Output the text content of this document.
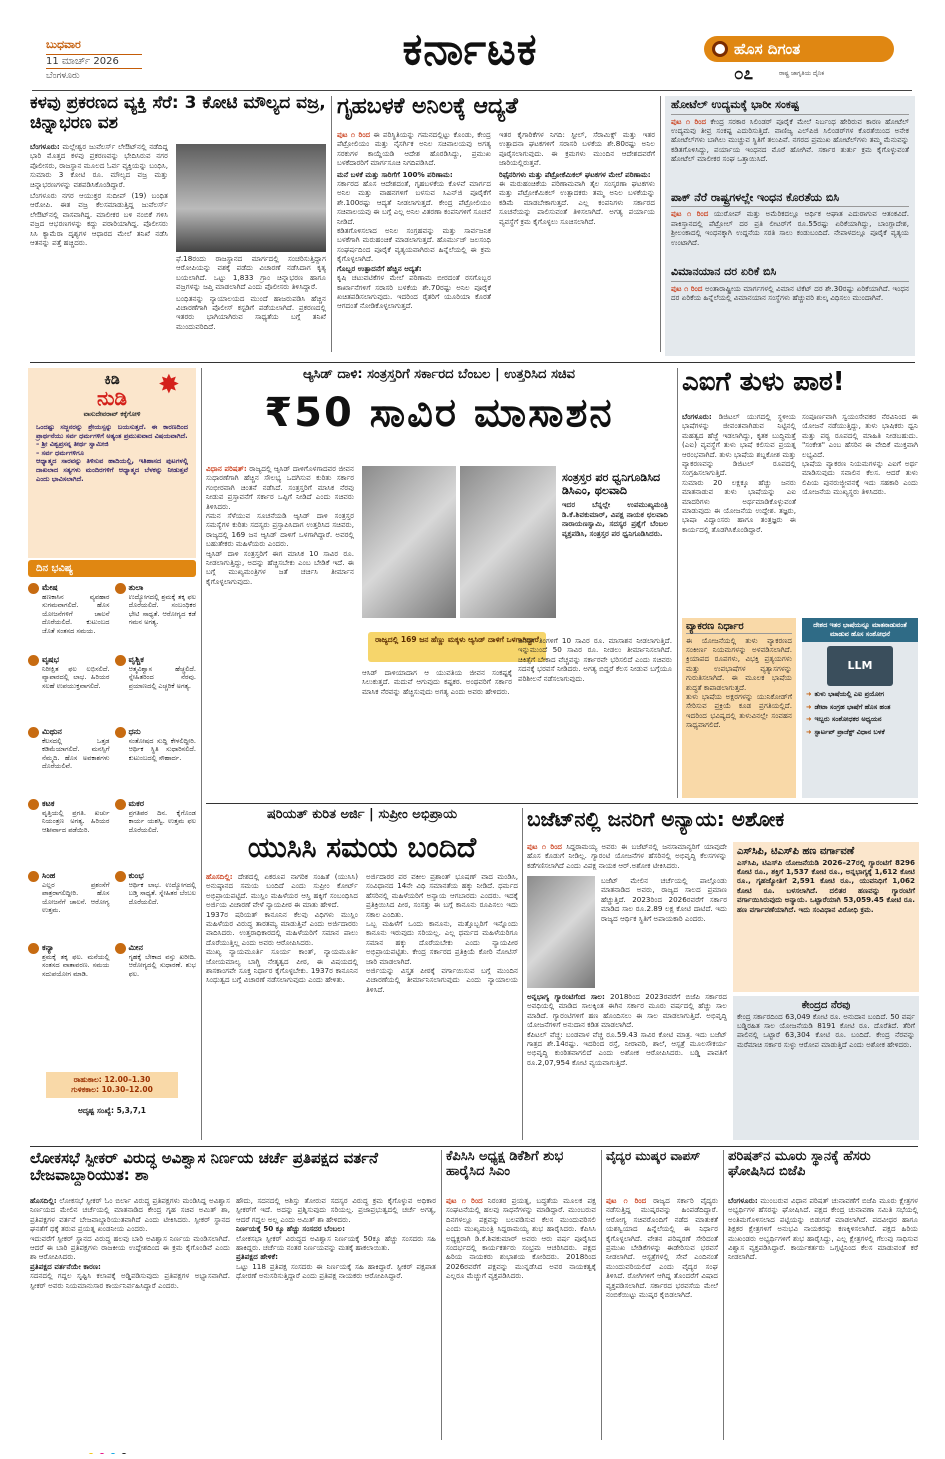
ಬುಧವಾರ
11 ಮಾರ್ಚ್ 2026
ಬೆಂಗಳೂರು
ಕರ್ನಾಟಕ	ಹೊಸ ದಿಗಂತ
೦೭	ರಾಷ್ಟ್ರ ಜಾಗೃತಿಯ ದೈನಿಕ
ಕಳವು ಪ್ರಕರಣದ ವ್ಯಕ್ತಿ ಸೆರೆ: 3 ಕೋಟಿ ಮೌಲ್ಯದ ವಜ್ರ, ಚಿನ್ನಾಭರಣ ವಶ
ಬೆಂಗಳೂರು: ಮಲ್ಲೇಶ್ವರ ಜುವೆಲರ್ಸ್ ಲೇಔಟ್‌ನಲ್ಲಿ ನಡೆದಿದ್ದ ಭಾರಿ ಮೊತ್ತದ ಕಳವು ಪ್ರಕರಣವನ್ನು ಭೇದಿಸಿರುವ ನಗರ ಪೊಲೀಸರು, ರಾಜಸ್ಥಾನ ಮೂಲದ ಓರ್ವ ವ್ಯಕ್ತಿಯನ್ನು ಬಂಧಿಸಿ, ಸುಮಾರು 3 ಕೋಟಿ ರೂ. ಮೌಲ್ಯದ ವಜ್ರ ಮತ್ತು ಚಿನ್ನಾಭರಣಗಳನ್ನು ವಶಪಡಿಸಿಕೊಂಡಿದ್ದಾರೆ.
ಬೆಂಗಳೂರು ನಗರ ಆಯುಕ್ತರ ಸುದೀಪ್ (19) ಬಂಧಿತ ಆರೋಪಿ. ಈತ ವಜ್ರ ಕೆಲಸಮಾಡುತ್ತಿದ್ದ ಜುವೆಲರ್ಸ್ ಲೇಔಟ್‌ನಲ್ಲಿ ವಾಸವಾಗಿದ್ದ. ಮಾಲೀಕರ ಬಳಿ ನಂಬಿಕೆ ಗಳಿಸಿ ವಜ್ರದ ಆಭರಣಗಳನ್ನು ಕದ್ದು ಪರಾರಿಯಾಗಿದ್ದ. ಪೊಲೀಸರು ಸಿಸಿ ಕ್ಯಾಮೆರಾ ದೃಶ್ಯಗಳ ಆಧಾರದ ಮೇಲೆ ತನಿಖೆ ನಡೆಸಿ ಆತನನ್ನು ಪತ್ತೆ ಹಚ್ಚಿದರು.
ಫೆ.18ರಂದು ರಾಜಸ್ಥಾನದ ಮಾರ್ಗದಲ್ಲಿ ಸಂಚರಿಸುತ್ತಿದ್ದಾಗ ಆರೋಪಿಯನ್ನು ವಶಕ್ಕೆ ಪಡೆದು ವಿಚಾರಣೆ ನಡೆಸಿದಾಗ ಕೃತ್ಯ ಬಯಲಾಗಿದೆ. ಒಟ್ಟು 1,833 ಗ್ರಾಂ ಚಿನ್ನಾಭರಣ ಹಾಗೂ ವಜ್ರಗಳನ್ನು ಜಪ್ತಿ ಮಾಡಲಾಗಿದೆ ಎಂದು ಪೊಲೀಸರು ತಿಳಿಸಿದ್ದಾರೆ.
ಬಂಧಿತನನ್ನು ನ್ಯಾಯಾಲಯದ ಮುಂದೆ ಹಾಜರುಪಡಿಸಿ ಹೆಚ್ಚಿನ ವಿಚಾರಣೆಗಾಗಿ ಪೊಲೀಸ್ ಕಸ್ಟಡಿಗೆ ಪಡೆಯಲಾಗಿದೆ. ಪ್ರಕರಣದಲ್ಲಿ ಇತರರು ಭಾಗಿಯಾಗಿರುವ ಸಾಧ್ಯತೆಯ ಬಗ್ಗೆ ತನಿಖೆ ಮುಂದುವರಿದಿದೆ.
ಗೃಹಬಳಕೆ ಅನಿಲಕ್ಕೆ ಆದ್ಯತೆ
ಪುಟ ೧ ರಿಂದ ಈ ಪರಿಸ್ಥಿತಿಯನ್ನು ಗಮನದಲ್ಲಿಟ್ಟು ಕೊಂಡು, ಕೇಂದ್ರ ಪೆಟ್ರೋಲಿಯಂ ಮತ್ತು ನೈಸರ್ಗಿಕ ಅನಿಲ ಸಚಿವಾಲಯವು ಅಗತ್ಯ ಸರಕುಗಳ ಕಾಯ್ದೆಯಡಿ ಆದೇಶ ಹೊರಡಿಸಿದ್ದು, ಪ್ರಮುಖ ಬಳಕೆದಾರರಿಗೆ ಮಾರ್ಗಸೂಚಿ ನಿಗದಿಪಡಿಸಿದೆ.
ಮನೆ ಬಳಕೆ ಮತ್ತು ಸಾರಿಗೆಗೆ 100% ಪರಿಣಾಮ:
ಸರ್ಕಾರದ ಹೊಸ ಆದೇಶದಂತೆ, ಗೃಹಬಳಕೆಯ ಕೊಳವೆ ಮಾರ್ಗದ ಅನಿಲ ಮತ್ತು ವಾಹನಗಳಿಗೆ ಬಳಸುವ ಸಿಎನ್‌ಜಿ ಪೂರೈಕೆಗೆ ಶೇ.100ರಷ್ಟು ಆದ್ಯತೆ ನೀಡಲಾಗುತ್ತದೆ. ಕೇಂದ್ರ ಪೆಟ್ರೋಲಿಯಂ ಸಚಿವಾಲಯವು ಈ ಬಗ್ಗೆ ಎಲ್ಲ ಅನಿಲ ವಿತರಣಾ ಕಂಪನಿಗಳಿಗೆ ಸೂಚನೆ ನೀಡಿದೆ.
ಕಡಿತಗೊಳಿಸಲಾದ ಅನಿಲ ಸಂಗ್ರಹವನ್ನು ಮತ್ತು ಸಾರ್ವಜನಿಕ ಬಳಕೆಗಾಗಿ ಮರುಹಂಚಿಕೆ ಮಾಡಲಾಗುತ್ತದೆ. ಹೊರ್ಮುಜ್ ಜಲಸಂಧಿ ಸಂಘರ್ಷದಿಂದ ಪೂರೈಕೆ ವ್ಯತ್ಯಯವಾಗಿರುವ ಹಿನ್ನೆಲೆಯಲ್ಲಿ ಈ ಕ್ರಮ ಕೈಗೊಳ್ಳಲಾಗಿದೆ.
ಗೊಬ್ಬರ ಉತ್ಪಾದನೆಗೆ ಹೆಚ್ಚಿನ ಆದ್ಯತೆ:
ಕೃಷಿ ಚಟುವಟಿಕೆಗಳ ಮೇಲೆ ಪರಿಣಾಮ ಬೀರದಂತೆ ರಸಗೊಬ್ಬರ ಕಾರ್ಖಾನೆಗಳಿಗೆ ಸರಾಸರಿ ಬಳಕೆಯ ಶೇ.70ರಷ್ಟು ಅನಿಲ ಪೂರೈಕೆ ಖಚಿತಪಡಿಸಲಾಗುವುದು. ಇದರಿಂದ ರೈತರಿಗೆ ಯೂರಿಯಾ ಕೊರತೆ ಆಗದಂತೆ ನೋಡಿಕೊಳ್ಳಲಾಗುತ್ತದೆ.
ಇತರ ಕೈಗಾರಿಕೆಗಳ ನಿಗದಿ: ಸ್ಟೀಲ್, ಸೆರಾಮಿಕ್ಸ್ ಮತ್ತು ಇತರ ಉತ್ಪಾದನಾ ಘಟಕಗಳಿಗೆ ಸರಾಸರಿ ಬಳಕೆಯ ಶೇ.80ರಷ್ಟು ಅನಿಲ ಪೂರೈಸಲಾಗುವುದು. ಈ ಕ್ರಮಗಳು ಮುಂದಿನ ಆದೇಶದವರೆಗೆ ಜಾರಿಯಲ್ಲಿರುತ್ತವೆ.
ರಿಫೈನರಿಗಳು ಮತ್ತು ಪೆಟ್ರೋಕೆಮಿಕಲ್ ಘಟಕಗಳ ಮೇಲೆ ಪರಿಣಾಮ:
ಈ ಮರುಹಂಚಿಕೆಯ ಪರಿಣಾಮವಾಗಿ ತೈಲ ಸಂಸ್ಕರಣಾ ಘಟಕಗಳು ಮತ್ತು ಪೆಟ್ರೋಕೆಮಿಕಲ್ ಉತ್ಪಾದಕರು ತಮ್ಮ ಅನಿಲ ಬಳಕೆಯನ್ನು ಕಡಿಮೆ ಮಾಡಬೇಕಾಗುತ್ತದೆ. ಎಲ್ಲ ಕಂಪನಿಗಳು ಸರ್ಕಾರದ ಸೂಚನೆಯನ್ನು ಪಾಲಿಸುವಂತೆ ತಿಳಿಸಲಾಗಿದೆ. ಅಗತ್ಯ ಪರ್ಯಾಯ ವ್ಯವಸ್ಥೆಗೆ ಕ್ರಮ ಕೈಗೊಳ್ಳಲು ಸೂಚಿಸಲಾಗಿದೆ.
ಹೋಟೆಲ್ ಉದ್ಯಮಕ್ಕೆ ಭಾರೀ ಸಂಕಷ್ಟ
ಪುಟ ೧ ರಿಂದ ಕೇಂದ್ರ ಸರಕಾರ ಸಿಲಿಂಡರ್ ಪೂರೈಕೆ ಮೇಲೆ ನಿರ್ಬಂಧ ಹೇರಿರುವ ಕಾರಣ ಹೋಟೆಲ್ ಉದ್ಯಮವು ತೀವ್ರ ಸಂಕಷ್ಟ ಎದುರಿಸುತ್ತಿದೆ. ವಾಣಿಜ್ಯ ಎಲ್‌ಪಿಜಿ ಸಿಲಿಂಡರ್‌ಗಳ ಕೊರತೆಯಿಂದ ಅನೇಕ ಹೋಟೆಲ್‌ಗಳು ಬಾಗಿಲು ಮುಚ್ಚುವ ಸ್ಥಿತಿಗೆ ತಲುಪಿವೆ. ನಗರದ ಪ್ರಮುಖ ಹೋಟೆಲ್‌ಗಳು ತಮ್ಮ ಮೆನುವನ್ನು ಕಡಿತಗೊಳಿಸಿದ್ದು, ಪರ್ಯಾಯ ಇಂಧನದ ಮೊರೆ ಹೋಗಿವೆ. ಸರ್ಕಾರ ತುರ್ತು ಕ್ರಮ ಕೈಗೊಳ್ಳುವಂತೆ ಹೋಟೆಲ್ ಮಾಲೀಕರ ಸಂಘ ಒತ್ತಾಯಿಸಿದೆ.
ಪಾಕ್ ನೆರೆ ರಾಷ್ಟ್ರಗಳಲ್ಲೇ ಇಂಧನ ಕೊರತೆಯ ಬಿಸಿ
ಪುಟ ೧ ರಿಂದ ಯುರೋಪ್ ಮತ್ತು ಅಮೆರಿಕದಲ್ಲೂ ಆರ್ಥಿಕ ಆಘಾತ ಎದುರಾಗುವ ಆತಂಕವಿದೆ. ಪಾಕಿಸ್ತಾನದಲ್ಲಿ ಪೆಟ್ರೋಲ್ ದರ ಪ್ರತಿ ಲೀಟರ್‌ಗೆ ರೂ.55ರಷ್ಟು ಏರಿಕೆಯಾಗಿದ್ದು, ಬಾಂಗ್ಲಾದೇಶ, ಶ್ರೀಲಂಕಾದಲ್ಲಿ ಇಂಧನಕ್ಕಾಗಿ ಉದ್ದನೆಯ ಸರತಿ ಸಾಲು ಕಂಡುಬಂದಿದೆ. ನೇಪಾಳದಲ್ಲೂ ಪೂರೈಕೆ ವ್ಯತ್ಯಯ ಉಂಟಾಗಿದೆ.
ವಿಮಾನಯಾನ ದರ ಏರಿಕೆ ಬಿಸಿ
ಪುಟ ೧ ರಿಂದ ಅಂತಾರಾಷ್ಟ್ರೀಯ ಮಾರ್ಗಗಳಲ್ಲಿ ವಿಮಾನ ಟಿಕೆಟ್ ದರ ಶೇ.30ರಷ್ಟು ಏರಿಕೆಯಾಗಿದೆ. ಇಂಧನ ದರ ಏರಿಕೆಯ ಹಿನ್ನೆಲೆಯಲ್ಲಿ ವಿಮಾನಯಾನ ಸಂಸ್ಥೆಗಳು ಹೆಚ್ಚುವರಿ ಶುಲ್ಕ ವಿಧಿಸಲು ಮುಂದಾಗಿವೆ.
ಕಿಡಿ
ನುಡಿ
ವಾಸುದೇವರಾವ್ ಕಕ್ಕೆಗೋಳಿ
✸
ಒಂದಷ್ಟು ಸಜ್ಜನರನ್ನು ಶ್ರೇಯಸ್ಸನ್ನು ಬಯಸುತ್ತದೆ. ಈ ಕಾರಣದಿಂದ ಪ್ರಾರ್ಥನೆಯು ಸರ್ವ ಧರ್ಮಗಳಿಗೆ ಅತ್ಯಂತ ಪ್ರಮುಖವಾದ ವಿಷಯವಾಗಿದೆ.
– ಶ್ರೀ ವಿಶ್ವಪ್ರಸನ್ನ ತೀರ್ಥ ಸ್ವಾಮೀಜಿ
– ಸರ್ವ ಧರ್ಮಗಳಿಗೂ
ಆಧ್ಯಾತ್ಮದ ಸಾರವನ್ನು ತಿಳಿಸುವ ಹಾದಿಯಲ್ಲಿ, ಇತಿಹಾಸದ ಪುಟಗಳಲ್ಲಿ ದಾಖಲಾದ ಸತ್ಯಗಳು ಮಂದಿರಗಳಿಗೆ ಆಧ್ಯಾತ್ಮದ ಬೆಳಕನ್ನು ನೀಡುತ್ತವೆ ಎಂದು ಭಾವಿಸಲಾಗಿದೆ.
ದಿನ ಭವಿಷ್ಯ
ಮೇಷ
ಹಣಕಾಸಿನ ವ್ಯವಹಾರ ಸುಗಮವಾಗಲಿದೆ. ಹೊಸ ಯೋಜನೆಗಳಿಗೆ ಚಾಲನೆ ದೊರೆಯಲಿದೆ. ಕುಟುಂಬದ ಜೊತೆ ಸಂತಸದ ಸಮಯ.
ತುಲಾ
ಉದ್ಯೋಗದಲ್ಲಿ ಶ್ರಮಕ್ಕೆ ತಕ್ಕ ಫಲ ದೊರೆಯಲಿದೆ. ಸಂಬಂಧಿಕರ ಭೇಟಿ ಸಾಧ್ಯತೆ. ಆರೋಗ್ಯದ ಕಡೆ ಗಮನ ಅಗತ್ಯ.
ವೃಷಭ
ನಿರೀಕ್ಷಿತ ಫಲ ಲಭಿಸಲಿದೆ. ವ್ಯಾಪಾರದಲ್ಲಿ ಲಾಭ. ಹಿರಿಯರ ಸಲಹೆ ಉಪಯುಕ್ತವಾಗಲಿದೆ.
ವೃಶ್ಚಿಕ
ಆತ್ಮವಿಶ್ವಾಸ ಹೆಚ್ಚಲಿದೆ. ಸ್ನೇಹಿತರಿಂದ ನೆರವು. ಪ್ರಯಾಣದಲ್ಲಿ ಎಚ್ಚರಿಕೆ ಅಗತ್ಯ.
ಮಿಥುನ
ಕೆಲಸದಲ್ಲಿ ಒತ್ತಡ ಕಡಿಮೆಯಾಗಲಿದೆ. ಮನಸ್ಸಿಗೆ ನೆಮ್ಮದಿ. ಹೊಸ ಅವಕಾಶಗಳು ದೊರೆಯಲಿವೆ.
ಧನು
ಸಂತೋಷದ ಸುದ್ದಿ ಕೇಳಲಿದ್ದೀರಿ. ಆರ್ಥಿಕ ಸ್ಥಿತಿ ಸುಧಾರಿಸಲಿದೆ. ಕುಟುಂಬದಲ್ಲಿ ಸೌಹಾರ್ದ.
ಕಟಕ
ವೃತ್ತಿಯಲ್ಲಿ ಪ್ರಗತಿ. ಖರ್ಚು ನಿಯಂತ್ರಣ ಅಗತ್ಯ. ಹಿರಿಯರ ಆಶೀರ್ವಾದ ಪಡೆಯಿರಿ.
ಮಕರ
ಪ್ರಗತಿಪರ ದಿನ. ಕೈಗೊಂಡ ಕಾರ್ಯ ಯಶಸ್ವಿ. ಉತ್ತಮ ಫಲ ದೊರೆಯಲಿದೆ.
ಸಿಂಹ
ಎಲ್ಲರ ಪ್ರಶಂಸೆಗೆ ಪಾತ್ರರಾಗಲಿದ್ದೀರಿ. ಹೊಸ ಯೋಜನೆಗೆ ಚಾಲನೆ. ಆರೋಗ್ಯ ಉತ್ತಮ.
ಕುಂಭ
ಆರ್ಥಿಕ ಲಾಭ. ಉದ್ಯೋಗದಲ್ಲಿ ಬಡ್ತಿ ಸಾಧ್ಯತೆ. ಸ್ನೇಹಿತರ ಬೆಂಬಲ ದೊರೆಯಲಿದೆ.
ಕನ್ಯಾ
ಶ್ರಮಕ್ಕೆ ತಕ್ಕ ಫಲ. ಮನೆಯಲ್ಲಿ ಸಂತಸದ ವಾತಾವರಣ. ಸಮಯ ಸದುಪಯೋಗ ಮಾಡಿ.
ಮೀನ
ಗೃಹಕ್ಕೆ ಬೇಕಾದ ವಸ್ತು ಖರೀದಿ. ಆರೋಗ್ಯದಲ್ಲಿ ಸುಧಾರಣೆ. ಶುಭ ಫಲ.
ರಾಹುಕಾಲ: 12.00–1.30
ಗುಳಿಕಕಾಲ: 10.30–12.00
ಅದೃಷ್ಟ ಸಂಖ್ಯೆ: 5,3,7,1
ಆ್ಯಸಿಡ್ ದಾಳಿ: ಸಂತ್ರಸ್ತರಿಗೆ ಸರ್ಕಾರದ ಬೆಂಬಲ | ಉತ್ತರಿಸಿದ ಸಚಿವ
₹50 ಸಾವಿರ ಮಾಸಾಶನ
ವಿಧಾನ ಪರಿಷತ್: ರಾಜ್ಯದಲ್ಲಿ ಆ್ಯಸಿಡ್ ದಾಳಿಗೊಳಗಾದವರ ಜೀವನ ಸುಧಾರಣೆಗಾಗಿ ಹೆಚ್ಚಿನ ಸೌಲಭ್ಯ ಒದಗಿಸುವ ಕುರಿತು ಸರ್ಕಾರ ಗಂಭೀರವಾಗಿ ಚಿಂತನೆ ನಡೆಸಿದೆ. ಸಂತ್ರಸ್ತರಿಗೆ ಮಾಸಿಕ ನೆರವು ನೀಡುವ ಪ್ರಸ್ತಾವನೆಗೆ ಸರ್ಕಾರ ಒಪ್ಪಿಗೆ ನೀಡಿದೆ ಎಂದು ಸಚಿವರು ತಿಳಿಸಿದರು.
ಗಮನ ಸೆಳೆಯುವ ಸೂಚನೆಯಡಿ ಆ್ಯಸಿಡ್ ದಾಳಿ ಸಂತ್ರಸ್ತರ ಸಮಸ್ಯೆಗಳ ಕುರಿತು ಸದಸ್ಯರು ಪ್ರಸ್ತಾಪಿಸಿದಾಗ ಉತ್ತರಿಸಿದ ಸಚಿವರು, ರಾಜ್ಯದಲ್ಲಿ 169 ಜನ ಆ್ಯಸಿಡ್ ದಾಳಿಗೆ ಒಳಗಾಗಿದ್ದಾರೆ. ಅವರಲ್ಲಿ ಬಹುತೇಕರು ಮಹಿಳೆಯರು ಎಂದರು.
ಆ್ಯಸಿಡ್ ದಾಳಿ ಸಂತ್ರಸ್ತರಿಗೆ ಈಗ ಮಾಸಿಕ 10 ಸಾವಿರ ರೂ. ನೀಡಲಾಗುತ್ತಿದ್ದು, ಅದನ್ನು ಹೆಚ್ಚಿಸಬೇಕು ಎಂಬ ಬೇಡಿಕೆ ಇದೆ. ಈ ಬಗ್ಗೆ ಮುಖ್ಯಮಂತ್ರಿಗಳ ಜತೆ ಚರ್ಚಿಸಿ ತೀರ್ಮಾನ ಕೈಗೊಳ್ಳಲಾಗುವುದು.
ಸಂತ್ರಸ್ತರ ಪರ ಧ್ವನಿಗೂಡಿಸಿದ ಡಿಸಿಎಂ, ಥಲವಾದಿ
ಇದರ ಬೆನ್ನಲ್ಲೇ ಉಪಮುಖ್ಯಮಂತ್ರಿ ಡಿ.ಕೆ.ಶಿವಕುಮಾರ್, ವಿಪಕ್ಷ ನಾಯಕ ಛಲವಾದಿ ನಾರಾಯಣಸ್ವಾಮಿ, ಸದಸ್ಯರ ಪ್ರಶ್ನೆಗೆ ಬೆಂಬಲ ವ್ಯಕ್ತಪಡಿಸಿ, ಸಂತ್ರಸ್ತರ ಪರ ಧ್ವನಿಗೂಡಿಸಿದರು.
ರಾಜ್ಯದಲ್ಲಿ 169 ಜನ ಹೆಣ್ಣು ಮಕ್ಕಳು ಆ್ಯಸಿಡ್ ದಾಳಿಗೆ ಒಳಗಾಗಿದ್ದಾರೆ
ಆಸಿಡ್ ದಾಳಿಯಾದಾಗ ಆ ಯುವತಿಯ ಜೀವನ ಸಂಕಷ್ಟಕ್ಕೆ ಸಿಲುಕುತ್ತದೆ. ಮದುವೆ ಆಗುವುದು ಕಷ್ಟಕರ. ಅಂಥವರಿಗೆ ಸರ್ಕಾರ ಮಾಸಿಕ ನೆರವನ್ನು ಹೆಚ್ಚಿಸುವುದು ಅಗತ್ಯ ಎಂದು ಅವರು ಹೇಳಿದರು.
ಜನರಿಗೆ ತಿಂಗಳಿಗೆ 10 ಸಾವಿರ ರೂ. ಮಾಸಾಶನ ನೀಡಲಾಗುತ್ತಿದೆ. ಇನ್ನುಮುಂದೆ 50 ಸಾವಿರ ರೂ. ನೀಡಲು ತೀರ್ಮಾನಿಸಲಾಗಿದೆ. ಚಿಕಿತ್ಸೆಗೆ ಬೇಕಾದ ವೆಚ್ಚವನ್ನು ಸರ್ಕಾರವೇ ಭರಿಸಲಿದೆ ಎಂದು ಸಚಿವರು ಸದನಕ್ಕೆ ಭರವಸೆ ನೀಡಿದರು. ಅಗತ್ಯ ಬಿದ್ದರೆ ಕೆಲಸ ನೀಡುವ ಬಗ್ಗೆಯೂ ಪರಿಶೀಲನೆ ನಡೆಸಲಾಗುವುದು.
ಎಐಗೆ ತುಳು ಪಾಠ!
ಬೆಂಗಳೂರು: ಡಿಜಿಟಲ್ ಯುಗದಲ್ಲಿ ಸ್ಥಳೀಯ ಭಾಷೆಗಳನ್ನು ಜೀವಂತವಾಗಿಡುವ ನಿಟ್ಟಿನಲ್ಲಿ ಮಹತ್ವದ ಹೆಜ್ಜೆ ಇಡಲಾಗಿದ್ದು, ಕೃತಕ ಬುದ್ಧಿಮತ್ತೆ (ಎಐ) ವ್ಯವಸ್ಥೆಗೆ ತುಳು ಭಾಷೆ ಕಲಿಸುವ ಪ್ರಯತ್ನ ಆರಂಭವಾಗಿದೆ. ತುಳು ಭಾಷೆಯ ಶಬ್ದಕೋಶ ಮತ್ತು ವ್ಯಾಕರಣವನ್ನು ಡಿಜಿಟಲ್ ರೂಪದಲ್ಲಿ ಸಂಗ್ರಹಿಸಲಾಗುತ್ತಿದೆ.
ಸುಮಾರು 20 ಲಕ್ಷಕ್ಕೂ ಹೆಚ್ಚು ಜನರು ಮಾತನಾಡುವ ತುಳು ಭಾಷೆಯನ್ನು ಎಐ ಮಾದರಿಗಳು ಅರ್ಥಮಾಡಿಕೊಳ್ಳುವಂತೆ ಮಾಡುವುದು ಈ ಯೋಜನೆಯ ಉದ್ದೇಶ. ತಜ್ಞರು, ಭಾಷಾ ವಿದ್ವಾಂಸರು ಹಾಗೂ ತಂತ್ರಜ್ಞರು ಈ ಕಾರ್ಯದಲ್ಲಿ ತೊಡಗಿಸಿಕೊಂಡಿದ್ದಾರೆ.
ಸಂಪೂರ್ಣವಾಗಿ ಸ್ವಯಂಸೇವಕರ ನೆರವಿನಿಂದ ಈ ಯೋಜನೆ ನಡೆಯುತ್ತಿದ್ದು, ತುಳು ಭಾಷಿಕರು ಧ್ವನಿ ಮತ್ತು ಪಠ್ಯ ರೂಪದಲ್ಲಿ ಮಾಹಿತಿ ನೀಡಬಹುದು. "ಸಂಕೇತ" ಎಂಬ ಹೆಸರಿನ ಈ ವೇದಿಕೆ ಮುಕ್ತವಾಗಿ ಲಭ್ಯವಿದೆ.
ಭಾಷೆಯ ವ್ಯಾಕರಣ ನಿಯಮಗಳನ್ನು ಎಐಗೆ ಅರ್ಥ ಮಾಡಿಸುವುದು ಸವಾಲಿನ ಕೆಲಸ. ಆದರೆ ತುಳು ಲಿಪಿಯ ಪುನರುಜ್ಜೀವನಕ್ಕೆ ಇದು ಸಹಕಾರಿ ಎಂದು ಯೋಜನೆಯ ಮುಖ್ಯಸ್ಥರು ತಿಳಿಸಿದರು.
ವ್ಯಾಕರಣ ನಿರ್ಧಾರ
ಈ ಯೋಜನೆಯಲ್ಲಿ ತುಳು ವ್ಯಾಕರಣದ ಸಂಕೀರ್ಣ ನಿಯಮಗಳನ್ನು ಅಳವಡಿಸಲಾಗಿದೆ. ಕ್ರಿಯಾಪದ ರೂಪಗಳು, ವಿಭಕ್ತಿ ಪ್ರತ್ಯಯಗಳು ಮತ್ತು ಉಪಭಾಷೆಗಳ ವ್ಯತ್ಯಾಸಗಳನ್ನು ಗುರುತಿಸಲಾಗಿದೆ. ಈ ಮೂಲಕ ಭಾಷೆಯ ಶುದ್ಧತೆ ಕಾಪಾಡಲಾಗುತ್ತದೆ.
ತುಳು ಭಾಷೆಯ ಅಕ್ಷರಗಳನ್ನು ಯುನಿಕೋಡ್‌ಗೆ ಸೇರಿಸುವ ಪ್ರಕ್ರಿಯೆ ಕೂಡ ಪ್ರಗತಿಯಲ್ಲಿದೆ. ಇದರಿಂದ ಭವಿಷ್ಯದಲ್ಲಿ ತುಳುವಿನಲ್ಲೇ ಸಂವಹನ ಸಾಧ್ಯವಾಗಲಿದೆ.
ದೇಶದ ಇತರ ಭಾಷೆಯನ್ನೂ ಮಾತನಾಡುವಂತೆ ಮಾಡುವ ಹೊಸ ಸಂಶೋಧನೆ
LLM
➜ ತುಳು ಭಾಷೆಯಲ್ಲಿ ಎಐ ಪ್ರಯೋಗ
➜ ಡೇಟಾ ಸಂಗ್ರಹ ಭಾಷೆಗೆ ಹೊಸ ಹಂತ
➜ ಇಬ್ಬರು ಸಂಶೋಧಕರ ಅಧ್ಯಯನ
➜ ಸ್ಟಾರ್ಟಪ್ ಪ್ರಾಜೆಕ್ಟ್ ವಿಧಾನ ಬಳಕೆ
ಷರಿಯತ್ ಕುರಿತ ಅರ್ಜಿ | ಸುಪ್ರೀಂ ಅಭಿಪ್ರಾಯ
ಯುಸಿಸಿ ಸಮಯ ಬಂದಿದೆ
ಹೊಸದಿಲ್ಲಿ: ದೇಶದಲ್ಲಿ ಏಕರೂಪ ನಾಗರಿಕ ಸಂಹಿತೆ (ಯುಸಿಸಿ) ಅನುಷ್ಠಾನದ ಸಮಯ ಬಂದಿದೆ ಎಂದು ಸುಪ್ರೀಂ ಕೋರ್ಟ್ ಅಭಿಪ್ರಾಯಪಟ್ಟಿದೆ. ಮುಸ್ಲಿಂ ಮಹಿಳೆಯರ ಆಸ್ತಿ ಹಕ್ಕಿಗೆ ಸಂಬಂಧಿಸಿದ ಅರ್ಜಿಯ ವಿಚಾರಣೆ ವೇಳೆ ನ್ಯಾಯಪೀಠ ಈ ಮಾತು ಹೇಳಿದೆ.
1937ರ ಷರಿಯತ್ ಕಾನೂನಿನ ಕೆಲವು ವಿಧಿಗಳು ಮುಸ್ಲಿಂ ಮಹಿಳೆಯರ ವಿರುದ್ಧ ತಾರತಮ್ಯ ಮಾಡುತ್ತಿವೆ ಎಂದು ಅರ್ಜಿದಾರರು ವಾದಿಸಿದರು. ಉತ್ತರಾಧಿಕಾರದಲ್ಲಿ ಮಹಿಳೆಯರಿಗೆ ಸಮಾನ ಪಾಲು ದೊರೆಯುತ್ತಿಲ್ಲ ಎಂದು ಅವರು ಆರೋಪಿಸಿದರು.
ಮುಖ್ಯ ನ್ಯಾಯಮೂರ್ತಿ ಸೂರ್ಯ ಕಾಂತ್, ನ್ಯಾಯಮೂರ್ತಿ ಜೋಯಮಾಲ್ಯ ಬಾಗ್ಚಿ ನೇತೃತ್ವದ ಪೀಠ, ಈ ವಿಷಯದಲ್ಲಿ ಶಾಸಕಾಂಗವೇ ಸೂಕ್ತ ನಿರ್ಧಾರ ಕೈಗೊಳ್ಳಬೇಕು. 1937ರ ಕಾನೂನಿನ ಸಿಂಧುತ್ವದ ಬಗ್ಗೆ ವಿಚಾರಣೆ ನಡೆಸಲಾಗುವುದು ಎಂದು ಹೇಳಿತು.
ಅರ್ಜಿದಾರರ ಪರ ವಕೀಲ ಪ್ರಶಾಂತ್ ಭೂಷಣ್ ವಾದ ಮಂಡಿಸಿ, ಸಂವಿಧಾನದ 14ನೇ ವಿಧಿ ಸಮಾನತೆಯ ಹಕ್ಕು ನೀಡಿದೆ. ಧರ್ಮದ ಹೆಸರಿನಲ್ಲಿ ಮಹಿಳೆಯರಿಗೆ ಅನ್ಯಾಯ ಆಗಬಾರದು ಎಂದರು. ಇದಕ್ಕೆ ಪ್ರತಿಕ್ರಿಯಿಸಿದ ಪೀಠ, ಸಂಸತ್ತು ಈ ಬಗ್ಗೆ ಕಾನೂನು ರೂಪಿಸಲು ಇದು ಸಕಾಲ ಎಂದಿತು.
ಒಬ್ಬ ಮಹಿಳೆಗೆ ಒಂದು ಕಾನೂನು, ಮತ್ತೊಬ್ಬರಿಗೆ ಇನ್ನೊಂದು ಕಾನೂನು ಇರುವುದು ಸರಿಯಲ್ಲ. ಎಲ್ಲ ಧರ್ಮದ ಮಹಿಳೆಯರಿಗೂ ಸಮಾನ ಹಕ್ಕು ದೊರೆಯಬೇಕು ಎಂದು ನ್ಯಾಯಪೀಠ ಅಭಿಪ್ರಾಯಪಟ್ಟಿತು. ಕೇಂದ್ರ ಸರ್ಕಾರದ ಪ್ರತಿಕ್ರಿಯೆ ಕೋರಿ ನೋಟಿಸ್ ಜಾರಿ ಮಾಡಲಾಗಿದೆ.
ಅರ್ಜಿಯನ್ನು ವಿಸ್ತೃತ ಪೀಠಕ್ಕೆ ವರ್ಗಾಯಿಸುವ ಬಗ್ಗೆ ಮುಂದಿನ ವಿಚಾರಣೆಯಲ್ಲಿ ತೀರ್ಮಾನಿಸಲಾಗುವುದು ಎಂದು ನ್ಯಾಯಾಲಯ ತಿಳಿಸಿದೆ.
ಬಜೆಟ್‌ನಲ್ಲಿ ಜನರಿಗೆ ಅನ್ಯಾಯ: ಅಶೋಕ
ಪುಟ ೧ ರಿಂದ ಸಿದ್ದರಾಮಯ್ಯ ಅವರು ಈ ಬಜೆಟ್‌ನಲ್ಲಿ ಜನಸಾಮಾನ್ಯರಿಗೆ ಯಾವುದೇ ಹೊಸ ಕೊಡುಗೆ ನೀಡಿಲ್ಲ. ಗ್ಯಾರಂಟಿ ಯೋಜನೆಗಳ ಹೆಸರಿನಲ್ಲಿ ಅಭಿವೃದ್ಧಿ ಕೆಲಸಗಳನ್ನು ಕಡೆಗಣಿಸಲಾಗಿದೆ ಎಂದು ವಿಪಕ್ಷ ನಾಯಕ ಆರ್.ಅಶೋಕ ಟೀಕಿಸಿದರು.
ಬಜೆಟ್ ಮೇಲಿನ ಚರ್ಚೆಯಲ್ಲಿ ಪಾಲ್ಗೊಂಡು ಮಾತನಾಡಿದ ಅವರು, ರಾಜ್ಯದ ಸಾಲದ ಪ್ರಮಾಣ ಹೆಚ್ಚುತ್ತಿದೆ. 2023ರಿಂದ 2026ರವರೆಗೆ ಸರ್ಕಾರ ಮಾಡಿದ ಸಾಲ ರೂ.2.89 ಲಕ್ಷ ಕೋಟಿ ದಾಟಿದೆ. ಇದು ರಾಜ್ಯದ ಆರ್ಥಿಕ ಸ್ಥಿತಿಗೆ ಅಪಾಯಕಾರಿ ಎಂದರು.
ಅನ್ನಭಾಗ್ಯ ಗ್ಯಾರಂಟಿಗೆಂದ ಸಾಲ: 2018ರಿಂದ 2023ರವರೆಗೆ ಬಿಜೆಪಿ ಸರ್ಕಾರದ ಅವಧಿಯಲ್ಲಿ ಮಾಡಿದ ಸಾಲಕ್ಕಿಂತ ಈಗಿನ ಸರ್ಕಾರ ಮೂರು ವರ್ಷದಲ್ಲಿ ಹೆಚ್ಚು ಸಾಲ ಮಾಡಿದೆ. ಗ್ಯಾರಂಟಿಗಳಿಗೆ ಹಣ ಹೊಂದಿಸಲು ಈ ಸಾಲ ಮಾಡಲಾಗುತ್ತಿದೆ. ಅಭಿವೃದ್ಧಿ ಯೋಜನೆಗಳಿಗೆ ಅನುದಾನ ಕಡಿತ ಮಾಡಲಾಗಿದೆ.
ಕೆಪಿಟಲ್ ವೆಚ್ಚ: ಬಂಡವಾಳ ವೆಚ್ಚ ರೂ.59.43 ಸಾವಿರ ಕೋಟಿ ಮಾತ್ರ. ಇದು ಬಜೆಟ್ ಗಾತ್ರದ ಶೇ.14ರಷ್ಟು. ಇದರಿಂದ ರಸ್ತೆ, ನೀರಾವರಿ, ಶಾಲೆ, ಆಸ್ಪತ್ರೆ ಮೂಲಸೌಕರ್ಯ ಅಭಿವೃದ್ಧಿ ಕುಂಠಿತವಾಗಲಿದೆ ಎಂದು ಅಶೋಕ ಆರೋಪಿಸಿದರು. ಬಡ್ಡಿ ಪಾವತಿಗೆ ರೂ.2,07,954 ಕೋಟಿ ವ್ಯಯವಾಗುತ್ತಿದೆ.
ಎಸ್‌ಸಿಪಿ, ಟಿಎಸ್‌ಪಿ ಹಣ ವರ್ಗಾವಣೆ
ಎಸ್‌ಸಿಪಿ, ಟಿಎಸ್‌ಪಿ ಯೋಜನೆಯಡಿ 2026–27ರಲ್ಲಿ ಗ್ಯಾರಂಟಿಗೆ 8296 ಕೋಟಿ ರೂ., ಶಕ್ತಿಗೆ 1,537 ಕೋಟಿ ರೂ., ಅನ್ನಭಾಗ್ಯಕ್ಕೆ 1,612 ಕೋಟಿ ರೂ., ಗೃಹಜ್ಯೋತಿಗೆ 2,591 ಕೋಟಿ ರೂ., ಯುವನಿಧಿಗೆ 1,062 ಕೋಟಿ ರೂ. ಬಳಸಲಾಗಿದೆ. ದಲಿತರ ಹಣವನ್ನು ಗ್ಯಾರಂಟಿಗೆ ವರ್ಗಾಯಿಸಿರುವುದು ಅನ್ಯಾಯ. ಒಟ್ಟಾರೆಯಾಗಿ 53,059.45 ಕೋಟಿ ರೂ. ಹಣ ವರ್ಗಾವಣೆಯಾಗಿದೆ. ಇದು ಸಂವಿಧಾನ ವಿರೋಧಿ ಕ್ರಮ.
ಕೇಂದ್ರದ ನೆರವು
ಕೇಂದ್ರ ಸರ್ಕಾರದಿಂದ 63,049 ಕೋಟಿ ರೂ. ಅನುದಾನ ಬಂದಿದೆ. 50 ವರ್ಷ ಬಡ್ಡಿರಹಿತ ಸಾಲ ಯೋಜನೆಯಡಿ 8191 ಕೋಟಿ ರೂ. ದೊರೆತಿದೆ. ತೆರಿಗೆ ಪಾಲಿನಲ್ಲಿ ಒಟ್ಟಾರೆ 63,304 ಕೋಟಿ ರೂ. ಬಂದಿದೆ. ಕೇಂದ್ರ ನೆರವನ್ನು ಮರೆಮಾಚಿ ಸರ್ಕಾರ ಸುಳ್ಳು ಆರೋಪ ಮಾಡುತ್ತಿದೆ ಎಂದು ಅಶೋಕ ಹೇಳಿದರು.
ಲೋಕಸಭೆ ಸ್ಪೀಕರ್ ವಿರುದ್ಧ ಅವಿಶ್ವಾಸ ನಿರ್ಣಯ ಚರ್ಚೆ ಪ್ರತಿಪಕ್ಷದ ವರ್ತನೆ ಬೇಜವಾಬ್ದಾರಿಯುತ: ಶಾ
ಹೊಸದಿಲ್ಲಿ: ಲೋಕಸಭೆ ಸ್ಪೀಕರ್ ಓಂ ಬಿರ್ಲಾ ವಿರುದ್ಧ ಪ್ರತಿಪಕ್ಷಗಳು ಮಂಡಿಸಿದ್ದ ಅವಿಶ್ವಾಸ ನಿರ್ಣಯದ ಮೇಲಿನ ಚರ್ಚೆಯಲ್ಲಿ ಮಾತನಾಡಿದ ಕೇಂದ್ರ ಗೃಹ ಸಚಿವ ಅಮಿತ್ ಶಾ, ಪ್ರತಿಪಕ್ಷಗಳ ವರ್ತನೆ ಬೇಜವಾಬ್ದಾರಿಯುತವಾಗಿದೆ ಎಂದು ಟೀಕಿಸಿದರು. ಸ್ಪೀಕರ್ ಸ್ಥಾನದ ಘನತೆಗೆ ಧಕ್ಕೆ ತರುವ ಪ್ರಯತ್ನ ಖಂಡನೀಯ ಎಂದರು.
ಇದುವರೆಗೆ ಸ್ಪೀಕರ್ ಸ್ಥಾನದ ವಿರುದ್ಧ ಹಲವು ಬಾರಿ ಅವಿಶ್ವಾಸ ನಿರ್ಣಯ ಮಂಡಿಸಲಾಗಿದೆ. ಆದರೆ ಈ ಬಾರಿ ಪ್ರತಿಪಕ್ಷಗಳು ರಾಜಕೀಯ ಉದ್ದೇಶದಿಂದ ಈ ಕ್ರಮ ಕೈಗೊಂಡಿವೆ ಎಂದು ಶಾ ಆರೋಪಿಸಿದರು.
ಪ್ರತಿಪಕ್ಷದ ವರ್ತನೆಯೇ ಕಾರಣ:
ಸದನದಲ್ಲಿ ಗದ್ದಲ ಸೃಷ್ಟಿಸಿ ಕಲಾಪಕ್ಕೆ ಅಡ್ಡಿಪಡಿಸುವುದು ಪ್ರತಿಪಕ್ಷಗಳ ಅಭ್ಯಾಸವಾಗಿದೆ. ಸ್ಪೀಕರ್ ಅವರು ನಿಯಮಾನುಸಾರ ಕಾರ್ಯನಿರ್ವಹಿಸಿದ್ದಾರೆ ಎಂದರು.
ಹೌದು, ಸದನದಲ್ಲಿ ಅಶಿಸ್ತು ತೋರುವ ಸದಸ್ಯರ ವಿರುದ್ಧ ಕ್ರಮ ಕೈಗೊಳ್ಳುವ ಅಧಿಕಾರ ಸ್ಪೀಕರ್‌ಗೆ ಇದೆ. ಅದನ್ನು ಪ್ರಶ್ನಿಸುವುದು ಸರಿಯಲ್ಲ. ಪ್ರಜಾಪ್ರಭುತ್ವದಲ್ಲಿ ಚರ್ಚೆ ಅಗತ್ಯ, ಆದರೆ ಗದ್ದಲ ಅಲ್ಲ ಎಂದು ಅಮಿತ್ ಶಾ ಹೇಳಿದರು.
ನಿರ್ಣಯಕ್ಕೆ 50 ಕ್ಕೂ ಹೆಚ್ಚು ಸಂಸದರ ಬೆಂಬಲ:
ಲೋಕಸಭಾ ಸ್ಪೀಕರ್ ವಿರುದ್ಧದ ಅವಿಶ್ವಾಸ ನಿರ್ಣಯಕ್ಕೆ 50ಕ್ಕೂ ಹೆಚ್ಚು ಸಂಸದರು ಸಹಿ ಹಾಕಿದ್ದರು. ಚರ್ಚೆಯ ನಂತರ ನಿರ್ಣಯವನ್ನು ಮತಕ್ಕೆ ಹಾಕಲಾಯಿತು.
ಪ್ರತಿಪಕ್ಷದ ಹೇಳಿಕೆ:
ಒಟ್ಟು 118 ಪ್ರತಿಪಕ್ಷ ಸಂಸದರು ಈ ನಿರ್ಣಯಕ್ಕೆ ಸಹಿ ಹಾಕಿದ್ದಾರೆ. ಸ್ಪೀಕರ್ ಪಕ್ಷಪಾತ ಧೋರಣೆ ಅನುಸರಿಸುತ್ತಿದ್ದಾರೆ ಎಂದು ಪ್ರತಿಪಕ್ಷ ನಾಯಕರು ಆರೋಪಿಸಿದ್ದಾರೆ.
ಕೆಪಿಸಿಸಿ ಅಧ್ಯಕ್ಷ ಡಿಕೆಶಿಗೆ ಶುಭ ಹಾರೈಸಿದ ಸಿಎಂ
ಪುಟ ೧ ರಿಂದ ನಿರಂತರ ಪ್ರಯತ್ನ, ಬದ್ಧತೆಯ ಮೂಲಕ ಪಕ್ಷ ಸಂಘಟನೆಯಲ್ಲಿ ಹಲವು ಸಾಧನೆಗಳನ್ನು ಮಾಡಿದ್ದಾರೆ. ಮುಂಬರುವ ದಿನಗಳಲ್ಲೂ ಪಕ್ಷವನ್ನು ಬಲಪಡಿಸುವ ಕೆಲಸ ಮುಂದುವರಿಸಲಿ ಎಂದು ಮುಖ್ಯಮಂತ್ರಿ ಸಿದ್ದರಾಮಯ್ಯ ಶುಭ ಹಾರೈಸಿದರು. ಕೆಪಿಸಿಸಿ ಅಧ್ಯಕ್ಷರಾಗಿ ಡಿ.ಕೆ.ಶಿವಕುಮಾರ್ ಅವರು ಆರು ವರ್ಷ ಪೂರೈಸಿದ ಸಂದರ್ಭದಲ್ಲಿ ಕಾರ್ಯಕರ್ತರು ಸಂಭ್ರಮ ಆಚರಿಸಿದರು. ಪಕ್ಷದ ಹಿರಿಯ ನಾಯಕರು ಶುಭಾಶಯ ಕೋರಿದರು. 2018ರಿಂದ 2026ರವರೆಗೆ ಪಕ್ಷವನ್ನು ಮುನ್ನಡೆಸಿದ ಅವರ ನಾಯಕತ್ವಕ್ಕೆ ಎಲ್ಲರೂ ಮೆಚ್ಚುಗೆ ವ್ಯಕ್ತಪಡಿಸಿದರು.
ವೈದ್ಯರ ಮುಷ್ಕರ ವಾಪಸ್
ಪುಟ ೧ ರಿಂದ ರಾಜ್ಯದ ಸರ್ಕಾರಿ ವೈದ್ಯರು ನಡೆಸುತ್ತಿದ್ದ ಮುಷ್ಕರವನ್ನು ಹಿಂಪಡೆದಿದ್ದಾರೆ. ಆರೋಗ್ಯ ಸಚಿವರೊಂದಿಗೆ ನಡೆದ ಮಾತುಕತೆ ಯಶಸ್ವಿಯಾದ ಹಿನ್ನೆಲೆಯಲ್ಲಿ ಈ ನಿರ್ಧಾರ ಕೈಗೊಳ್ಳಲಾಗಿದೆ. ವೇತನ ಪರಿಷ್ಕರಣೆ ಸೇರಿದಂತೆ ಪ್ರಮುಖ ಬೇಡಿಕೆಗಳನ್ನು ಈಡೇರಿಸುವ ಭರವಸೆ ನೀಡಲಾಗಿದೆ. ಆಸ್ಪತ್ರೆಗಳಲ್ಲಿ ಸೇವೆ ಎಂದಿನಂತೆ ಮುಂದುವರಿಯಲಿದೆ ಎಂದು ವೈದ್ಯರ ಸಂಘ ತಿಳಿಸಿದೆ. ರೋಗಿಗಳಿಗೆ ಆಗಿದ್ದ ತೊಂದರೆಗೆ ವಿಷಾದ ವ್ಯಕ್ತಪಡಿಸಲಾಗಿದೆ. ಸರ್ಕಾರದ ಭರವಸೆಯ ಮೇಲೆ ನಂಬಿಕೆಯಿಟ್ಟು ಮುಷ್ಕರ ಕೈಬಿಡಲಾಗಿದೆ.
ಪರಿಷತ್‌ನ ಮೂರು ಸ್ಥಾನಕ್ಕೆ ಹೆಸರು ಘೋಷಿಸಿದ ಬಿಜೆಪಿ
ಬೆಂಗಳೂರು: ಮುಂಬರುವ ವಿಧಾನ ಪರಿಷತ್ ಚುನಾವಣೆಗೆ ಬಿಜೆಪಿ ಮೂರು ಕ್ಷೇತ್ರಗಳ ಅಭ್ಯರ್ಥಿಗಳ ಹೆಸರನ್ನು ಘೋಷಿಸಿದೆ. ಪಕ್ಷದ ಕೇಂದ್ರ ಚುನಾವಣಾ ಸಮಿತಿ ಸಭೆಯಲ್ಲಿ ಅಂತಿಮಗೊಳಿಸಲಾದ ಪಟ್ಟಿಯನ್ನು ಬಿಡುಗಡೆ ಮಾಡಲಾಗಿದೆ. ಪದವೀಧರ ಹಾಗೂ ಶಿಕ್ಷಕರ ಕ್ಷೇತ್ರಗಳಿಗೆ ಅನುಭವಿ ನಾಯಕರನ್ನು ಕಣಕ್ಕಿಳಿಸಲಾಗಿದೆ. ಪಕ್ಷದ ಹಿರಿಯ ಮುಖಂಡರು ಅಭ್ಯರ್ಥಿಗಳಿಗೆ ಶುಭ ಹಾರೈಸಿದ್ದು, ಎಲ್ಲ ಕ್ಷೇತ್ರಗಳಲ್ಲಿ ಗೆಲುವು ಸಾಧಿಸುವ ವಿಶ್ವಾಸ ವ್ಯಕ್ತಪಡಿಸಿದ್ದಾರೆ. ಕಾರ್ಯಕರ್ತರು ಒಗ್ಗಟ್ಟಿನಿಂದ ಕೆಲಸ ಮಾಡುವಂತೆ ಕರೆ ನೀಡಲಾಗಿದೆ.
